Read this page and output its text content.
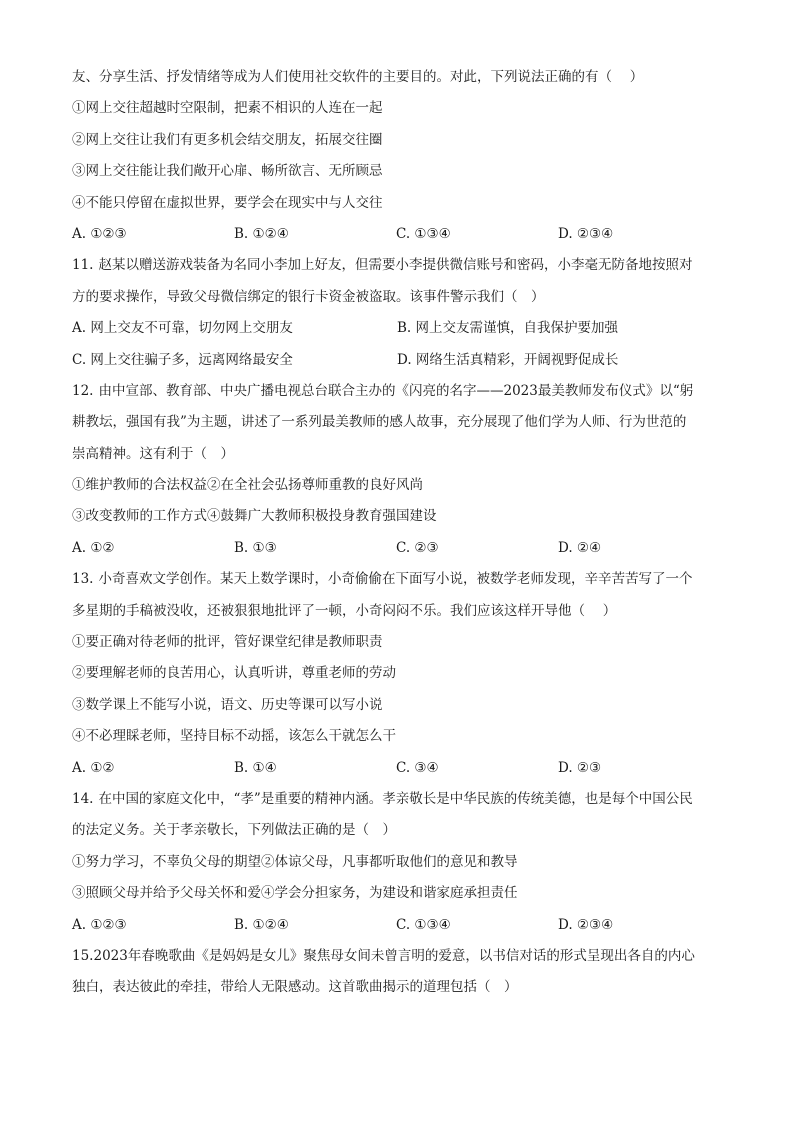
友、分享生活、抒发情绪等成为人们使用社交软件的主要目的。对此，下列说法正确的有（　 ）
①网上交往超越时空限制，把素不相识的人连在一起
②网上交往让我们有更多机会结交朋友，拓展交往圈
③网上交往能让我们敞开心扉、畅所欲言、无所顾忌
④不能只停留在虚拟世界，要学会在现实中与人交往
A. ①②③	B. ①②④	C. ①③④	D. ②③④
11. 赵某以赠送游戏装备为名同小李加上好友，但需要小李提供微信账号和密码，小李毫无防备地按照对
方的要求操作，导致父母微信绑定的银行卡资金被盗取。该事件警示我们（　）
A. 网上交友不可靠，切勿网上交朋友	B. 网上交友需谨慎，自我保护要加强
C. 网上交往骗子多，远离网络最安全	D. 网络生活真精彩，开阔视野促成长
12. 由中宣部、教育部、中央广播电视总台联合主办的《闪亮的名字——2023最美教师发布仪式》以“躬
耕教坛，强国有我”为主题，讲述了一系列最美教师的感人故事，充分展现了他们学为人师、行为世范的
崇高精神。这有利于（　）
①维护教师的合法权益②在全社会弘扬尊师重教的良好风尚
③改变教师的工作方式④鼓舞广大教师积极投身教育强国建设
A. ①②	B. ①③	C. ②③	D. ②④
13. 小奇喜欢文学创作。某天上数学课时，小奇偷偷在下面写小说，被数学老师发现，辛辛苦苦写了一个
多星期的手稿被没收，还被狠狠地批评了一顿，小奇闷闷不乐。我们应该这样开导他（　 ）
①要正确对待老师的批评，管好课堂纪律是教师职责
②要理解老师的良苦用心，认真听讲，尊重老师的劳动
③数学课上不能写小说，语文、历史等课可以写小说
④不必理睬老师，坚持目标不动摇，该怎么干就怎么干
A. ①②	B. ①④	C. ③④	D. ②③
14. 在中国的家庭文化中，“孝”是重要的精神内涵。孝亲敬长是中华民族的传统美德，也是每个中国公民
的法定义务。关于孝亲敬长，下列做法正确的是（　）
①努力学习，不辜负父母的期望②体谅父母，凡事都听取他们的意见和教导
③照顾父母并给予父母关怀和爱④学会分担家务，为建设和谐家庭承担责任
A. ①②③	B. ①②④	C. ①③④	D. ②③④
15.2023年春晚歌曲《是妈妈是女儿》聚焦母女间未曾言明的爱意，以书信对话的形式呈现出各自的内心
独白，表达彼此的牵挂，带给人无限感动。这首歌曲揭示的道理包括（　）
